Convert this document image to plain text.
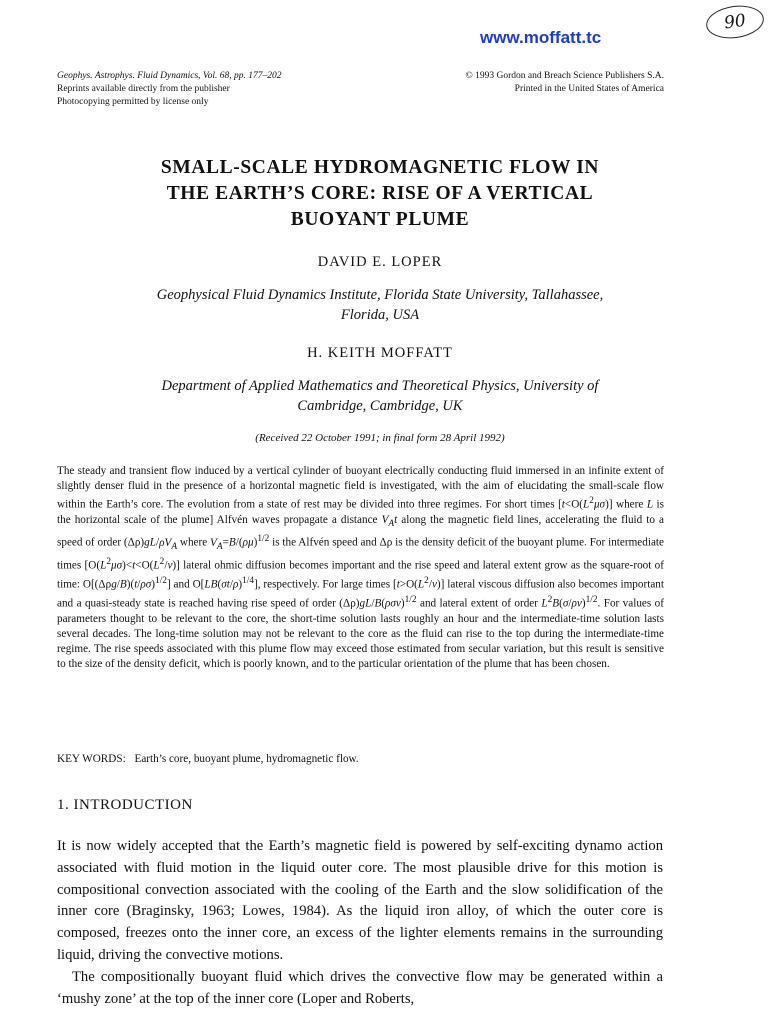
www.moffatt.tc
90
Geophys. Astrophys. Fluid Dynamics, Vol. 68, pp. 177–202
Reprints available directly from the publisher
Photocopying permitted by license only
© 1993 Gordon and Breach Science Publishers S.A.
Printed in the United States of America
SMALL-SCALE HYDROMAGNETIC FLOW IN
THE EARTH’S CORE: RISE OF A VERTICAL
BUOYANT PLUME
DAVID E. LOPER
Geophysical Fluid Dynamics Institute, Florida State University, Tallahassee,
Florida, USA
H. KEITH MOFFATT
Department of Applied Mathematics and Theoretical Physics, University of
Cambridge, Cambridge, UK
(Received 22 October 1991; in final form 28 April 1992)
The steady and transient flow induced by a vertical cylinder of buoyant electrically conducting fluid immersed in an infinite extent of slightly denser fluid in the presence of a horizontal magnetic field is investigated, with the aim of elucidating the small-scale flow within the Earth’s core. The evolution from a state of rest may be divided into three regimes. For short times $[t<O(L^2\mu\sigma)]$ where L is the horizontal scale of the plume] Alfvén waves propagate a distance $V_At$ along the magnetic field lines, accelerating the fluid to a speed of order $(\Delta\rho)gL/\rho V_A$ where $V_A=B/(\rho\mu)^{1/2}$ is the Alfvén speed and Δρ is the density deficit of the buoyant plume. For intermediate times $[O(L^2\mu\sigma)<t<O(L^2/\nu)]$ lateral ohmic diffusion becomes important and the rise speed and lateral extent grow as the square-root of time: $O[(\Delta\rho g/B)(t/\rho\sigma)^{1/2}]$ and $O[LB(\sigma t/\rho)^{1/4}]$, respectively. For large times $[t>O(L^2/\nu)]$ lateral viscous diffusion also becomes important and a quasi-steady state is reached having rise speed of order $(\Delta\rho)gL/B(\rho\sigma\nu)^{1/2}$ and lateral extent of order $L^2B(\sigma/\rho\nu)^{1/2}$. For values of parameters thought to be relevant to the core, the short-time solution lasts roughly an hour and the intermediate-time solution lasts several decades. The long-time solution may not be relevant to the core as the fluid can rise to the top during the intermediate-time regime. The rise speeds associated with this plume flow may exceed those estimated from secular variation, but this result is sensitive to the size of the density deficit, which is poorly known, and to the particular orientation of the plume that has been chosen.
KEY WORDS: Earth’s core, buoyant plume, hydromagnetic flow.
1. INTRODUCTION

It is now widely accepted that the Earth’s magnetic field is powered by self-exciting dynamo action associated with fluid motion in the liquid outer core. The most plausible drive for this motion is compositional convection associated with the cooling of the Earth and the slow solidification of the inner core (Braginsky, 1963; Lowes, 1984). As the liquid iron alloy, of which the outer core is composed, freezes onto the inner core, an excess of the lighter elements remains in the surrounding liquid, driving the convective motions.

The compositionally buoyant fluid which drives the convective flow may be generated within a ‘mushy zone’ at the top of the inner core (Loper and Roberts,
